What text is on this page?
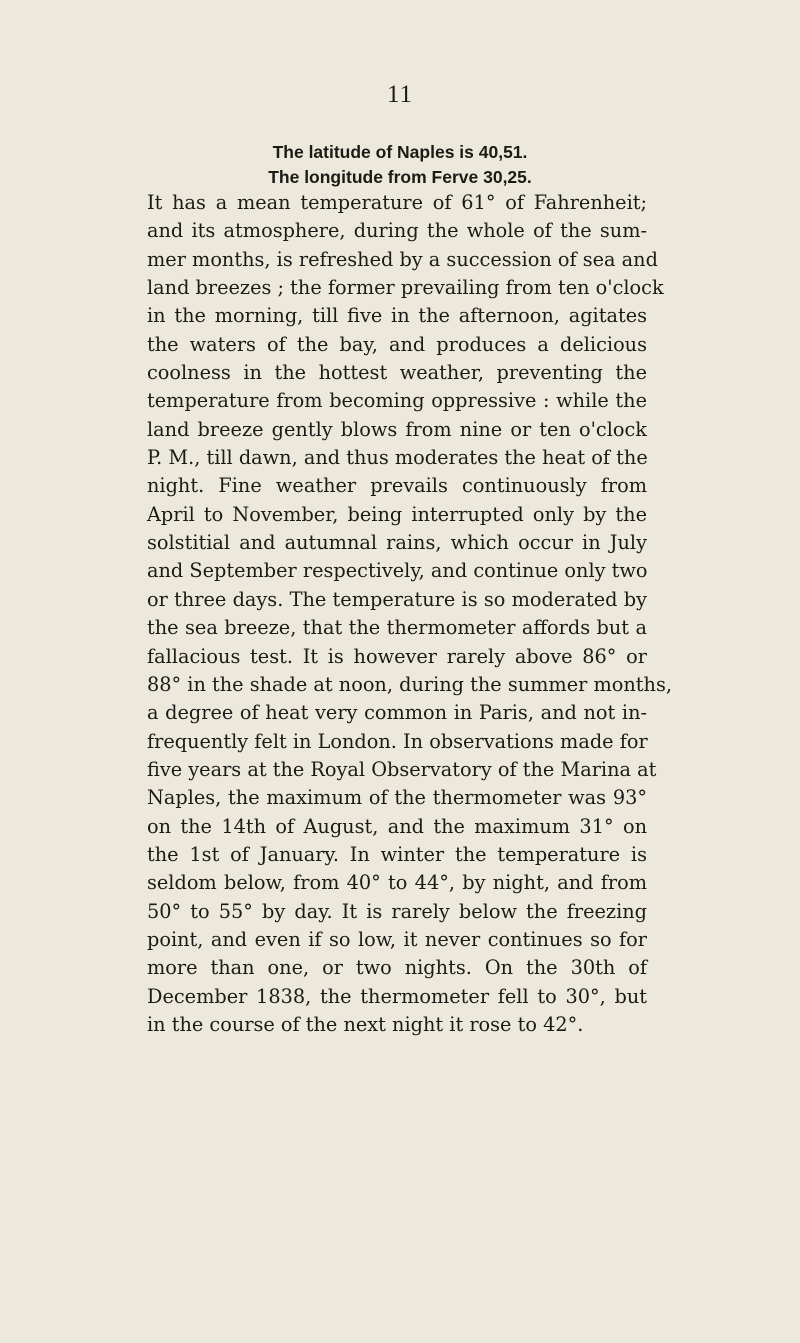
11
The latitude of Naples is 40,51.
The longitude from Ferve 30,25.
It has a mean temperature of 61° of Fahrenheit;
and its atmosphere, during the whole of the sum-
mer months, is refreshed by a succession of sea and
land breezes ; the former prevailing from ten o'clock
in the morning, till five in the afternoon, agitates
the waters of the bay, and produces a delicious
coolness in the hottest weather, preventing the
temperature from becoming oppressive : while the
land breeze gently blows from nine or ten o'clock
P. M., till dawn, and thus moderates the heat of the
night. Fine weather prevails continuously from
April to November, being interrupted only by the
solstitial and autumnal rains, which occur in July
and September respectively, and continue only two
or three days. The temperature is so moderated by
the sea breeze, that the thermometer affords but a
fallacious test. It is however rarely above 86° or
88° in the shade at noon, during the summer months,
a degree of heat very common in Paris, and not in-
frequently felt in London. In observations made for
five years at the Royal Observatory of the Marina at
Naples, the maximum of the thermometer was 93°
on the 14th of August, and the maximum 31° on
the 1st of January. In winter the temperature is
seldom below, from 40° to 44°, by night, and from
50° to 55° by day. It is rarely below the freezing
point, and even if so low, it never continues so for
more than one, or two nights. On the 30th of
December 1838, the thermometer fell to 30°, but
in the course of the next night it rose to 42°.
